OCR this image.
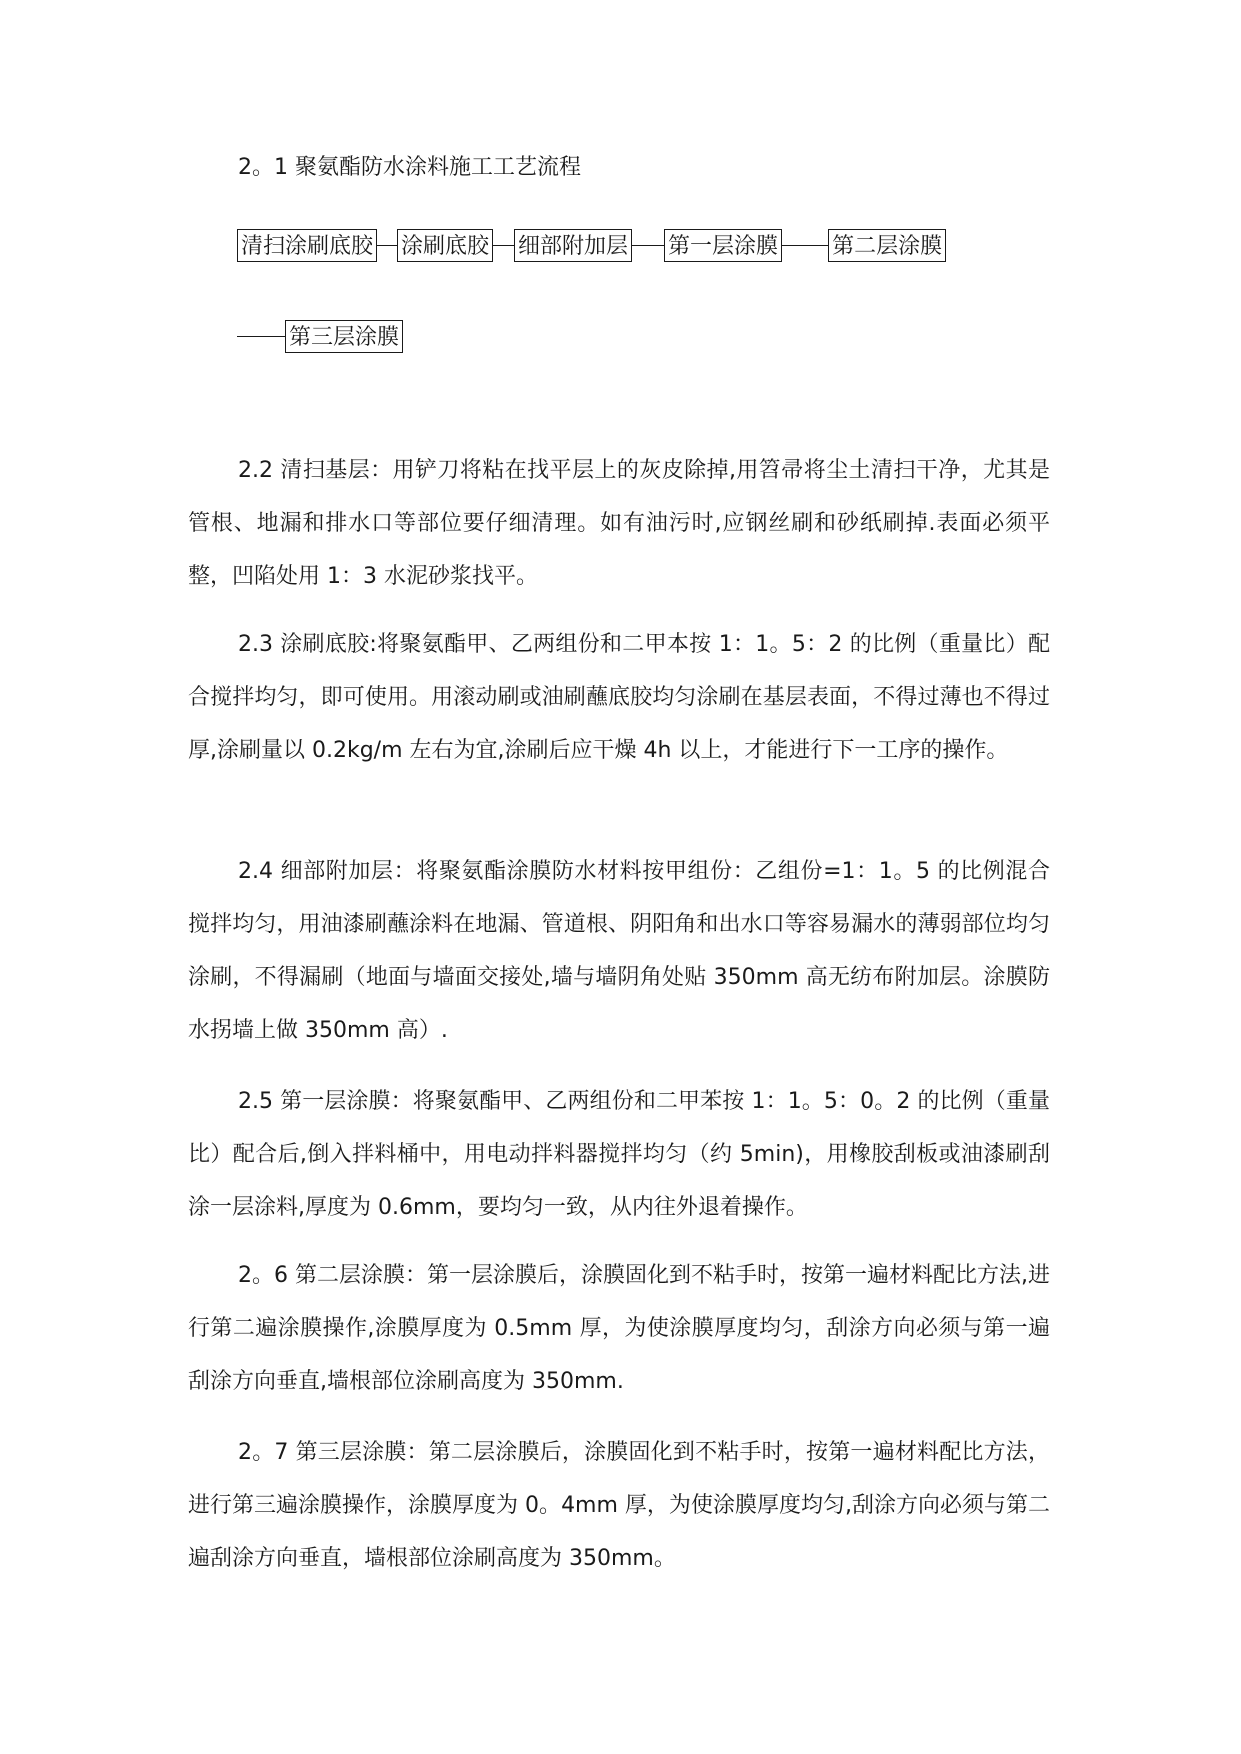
2。1 聚氨酯防水涂料施工工艺流程
清扫涂刷底胶 涂刷底胶 细部附加层 第一层涂膜 第二层涂膜
第三层涂膜

2.2 清扫基层：用铲刀将粘在找平层上的灰皮除掉,用笤帚将尘土清扫干净，尤其是管根、地漏和排水口等部位要仔细清理。如有油污时,应钢丝刷和砂纸刷掉.表面必须平整，凹陷处用 1：3 水泥砂浆找平。

2.3 涂刷底胶:将聚氨酯甲、乙两组份和二甲本按 1：1。5：2 的比例（重量比）配合搅拌均匀，即可使用。用滚动刷或油刷蘸底胶均匀涂刷在基层表面，不得过薄也不得过厚,涂刷量以 0.2kg/m 左右为宜,涂刷后应干燥 4h 以上，才能进行下一工序的操作。

2.4 细部附加层：将聚氨酯涂膜防水材料按甲组份：乙组份=1：1。5 的比例混合搅拌均匀，用油漆刷蘸涂料在地漏、管道根、阴阳角和出水口等容易漏水的薄弱部位均匀涂刷，不得漏刷（地面与墙面交接处,墙与墙阴角处贴 350mm 高无纺布附加层。涂膜防水拐墙上做 350mm 高）.

2.5 第一层涂膜：将聚氨酯甲、乙两组份和二甲苯按 1：1。5：0。2 的比例（重量比）配合后,倒入拌料桶中，用电动拌料器搅拌均匀（约 5min)，用橡胶刮板或油漆刷刮涂一层涂料,厚度为 0.6mm，要均匀一致，从内往外退着操作。

2。6 第二层涂膜：第一层涂膜后，涂膜固化到不粘手时，按第一遍材料配比方法,进行第二遍涂膜操作,涂膜厚度为 0.5mm 厚，为使涂膜厚度均匀，刮涂方向必须与第一遍刮涂方向垂直,墙根部位涂刷高度为 350mm.

2。7 第三层涂膜：第二层涂膜后，涂膜固化到不粘手时，按第一遍材料配比方法，进行第三遍涂膜操作，涂膜厚度为 0。4mm 厚，为使涂膜厚度均匀,刮涂方向必须与第二遍刮涂方向垂直，墙根部位涂刷高度为 350mm。
